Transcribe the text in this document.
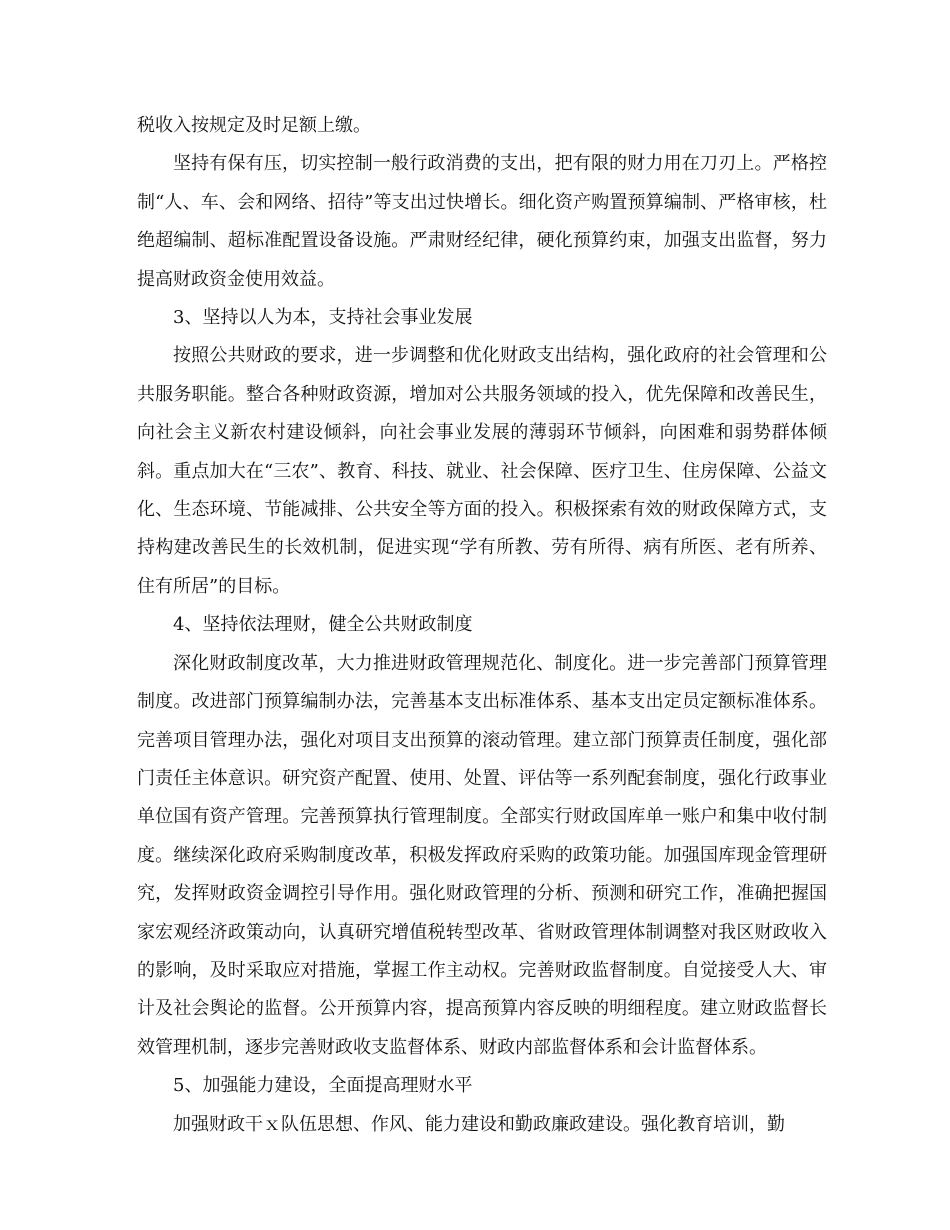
税收入按规定及时足额上缴。

坚持有保有压，切实控制一般行政消费的支出，把有限的财力用在刀刃上。严格控制“人、车、会和网络、招待”等支出过快增长。细化资产购置预算编制、严格审核，杜绝超编制、超标准配置设备设施。严肃财经纪律，硬化预算约束，加强支出监督，努力提高财政资金使用效益。

3、坚持以人为本，支持社会事业发展

按照公共财政的要求，进一步调整和优化财政支出结构，强化政府的社会管理和公共服务职能。整合各种财政资源，增加对公共服务领域的投入，优先保障和改善民生，向社会主义新农村建设倾斜，向社会事业发展的薄弱环节倾斜，向困难和弱势群体倾斜。重点加大在“三农”、教育、科技、就业、社会保障、医疗卫生、住房保障、公益文化、生态环境、节能减排、公共安全等方面的投入。积极探索有效的财政保障方式，支持构建改善民生的长效机制，促进实现“学有所教、劳有所得、病有所医、老有所养、住有所居”的目标。

4、坚持依法理财，健全公共财政制度

深化财政制度改革，大力推进财政管理规范化、制度化。进一步完善部门预算管理制度。改进部门预算编制办法，完善基本支出标准体系、基本支出定员定额标准体系。完善项目管理办法，强化对项目支出预算的滚动管理。建立部门预算责任制度，强化部门责任主体意识。研究资产配置、使用、处置、评估等一系列配套制度，强化行政事业单位国有资产管理。完善预算执行管理制度。全部实行财政国库单一账户和集中收付制度。继续深化政府采购制度改革，积极发挥政府采购的政策功能。加强国库现金管理研究，发挥财政资金调控引导作用。强化财政管理的分析、预测和研究工作，准确把握国家宏观经济政策动向，认真研究增值税转型改革、省财政管理体制调整对我区财政收入的影响，及时采取应对措施，掌握工作主动权。完善财政监督制度。自觉接受人大、审计及社会舆论的监督。公开预算内容，提高预算内容反映的明细程度。建立财政监督长效管理机制，逐步完善财政收支监督体系、财政内部监督体系和会计监督体系。

5、加强能力建设，全面提高理财水平

加强财政干ｘ队伍思想、作风、能力建设和勤政廉政建设。强化教育培训，勤
